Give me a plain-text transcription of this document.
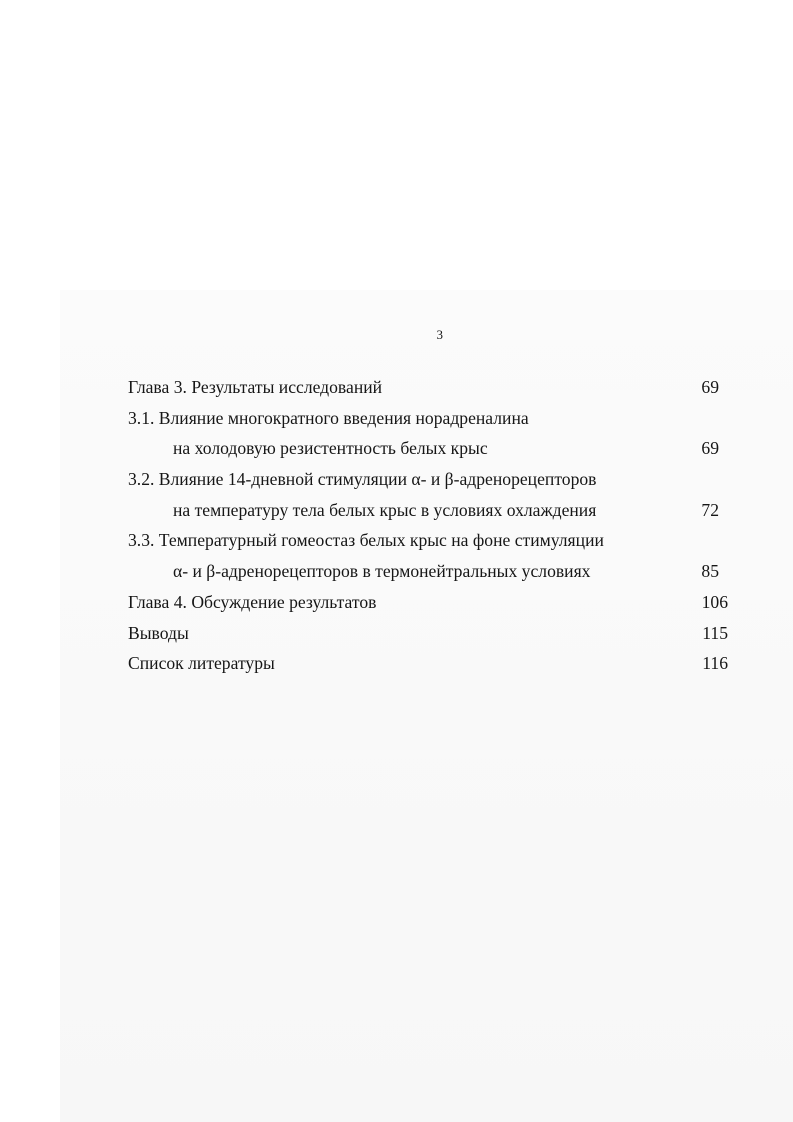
3
Глава 3. Результаты исследований	69
3.1. Влияние многократного введения норадреналина
на холодовую резистентность белых крыс	69
3.2. Влияние 14-дневной стимуляции α- и β-адренорецепторов
на температуру тела белых крыс в условиях охлаждения	72
3.3. Температурный гомеостаз белых крыс на фоне стимуляции
α- и β-адренорецепторов в термонейтральных условиях	85
Глава 4. Обсуждение результатов	106
Выводы	115
Список литературы	116
